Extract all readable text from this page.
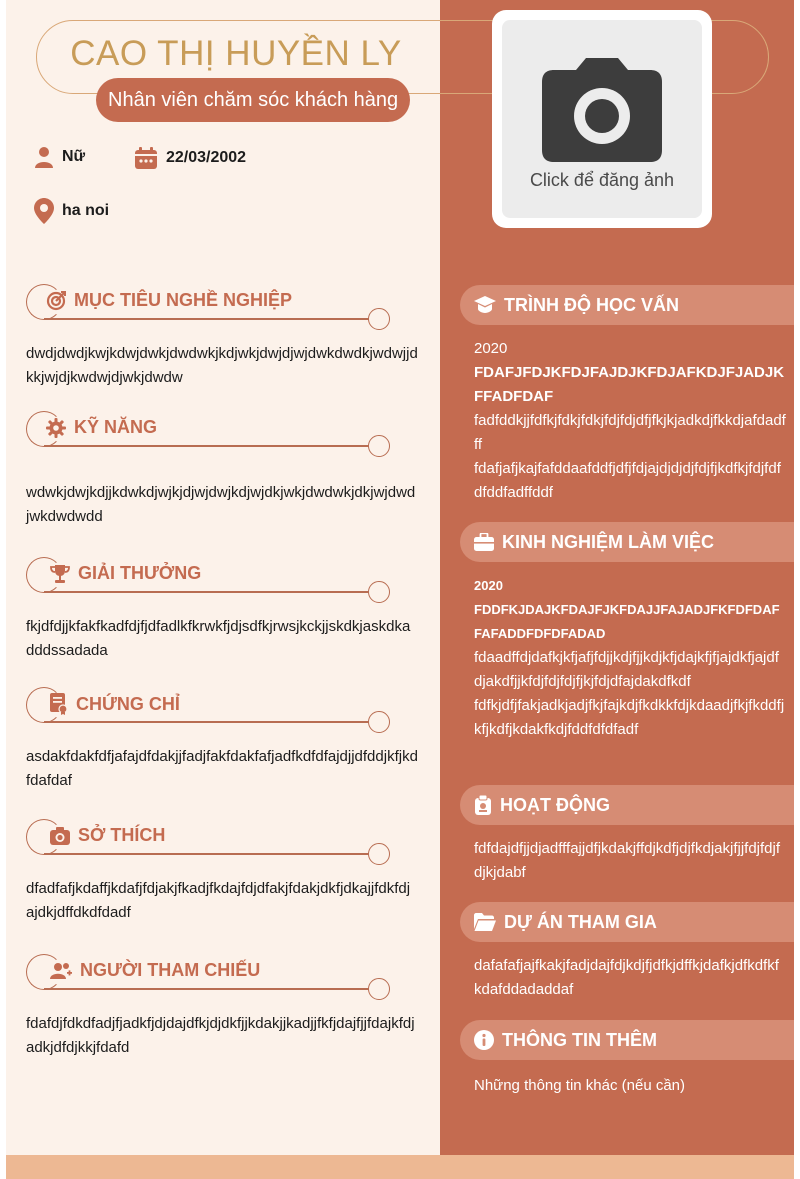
CAO THỊ HUYỀN LY
Nhân viên chăm sóc khách hàng
Nữ	22/03/2002
ha noi
Click để đăng ảnh
MỤC TIÊU NGHỀ NGHIỆP
dwdjdwdjkwjkdwjdwkjdwdwkjkdjwkjdwjdjwjdwkdwdkjwdwjjdkkjwjdjkwdwjdjwkjdwdw
KỸ NĂNG
wdwkjdwjkdjjkdwkdjwjkjdjwjdwjkdjwjdkjwkjdwdwkjdkjwjdwdjwkdwdwdd
GIẢI THƯỞNG
fkjdfdjjkfakfkadfdjfjdfadlkfkrwkfjdjsdfkjrwsjkckjjskdkjaskdkadddssadada
CHỨNG CHỈ
asdakfdakfdfjafajdfdakjjfadjfakfdakfafjadfkdfdfajdjjdfddjkfjkdfdafdaf
SỞ THÍCH
dfadfafjkdaffjkdafjfdjakjfkadjfkdajfdjdfakjfdakjdkfjdkajjfdkfdjajdkjdffdkdfdadf
NGƯỜI THAM CHIẾU
fdafdjfdkdfadjfjadkfjdjdajdfkjdjdkfjjkdakjjkadjjfkfjdajfjjfdajkfdjadkjdfdjkkjfdafd
TRÌNH ĐỘ HỌC VẤN
2020
FDAFJFDJKFDJFAJDJKFDJAFKDJFJADJKFFADFDAF
fadfddkjjfdfkjfdkjfdkjfdjfdjdfjfkjkjadkdjfkkdjafdadfff
fdafjafjkajfafddaafddfjdfjfdjajdjdjdjfdjfjkdfkjfdjfdfdfddfadffddf
KINH NGHIỆM LÀM VIỆC
2020
FDDFKJDAJKFDAJFJKFDAJJFAJADJFKFDFDAFFAFADDFDFDFADAD
fdaadffdjdafkjkfjafjfdjjkdjfjjkdjkfjdajkfjfjajdkfjajdfdjakdfjjkfdjfdjfdjfjkjfdjdfajdakdfkdf
fdfkjdfjfakjadkjadjfkjfajkdjfkdkkfdjkdaadjfkjfkddfjkfjkdfjkdakfkdjfddfdfdfadf
HOẠT ĐỘNG
fdfdajdfjjdjadfffajjdfjkdakjffdjkdfjdjfkdjakjfjjfdjfdjfdjkjdabf
DỰ ÁN THAM GIA
dafafafjajfkakjfadjdajfdjkdjfjdfkjdffkjdafkjdfkdfkfkdafddadaddaf
THÔNG TIN THÊM
Những thông tin khác (nếu cần)
